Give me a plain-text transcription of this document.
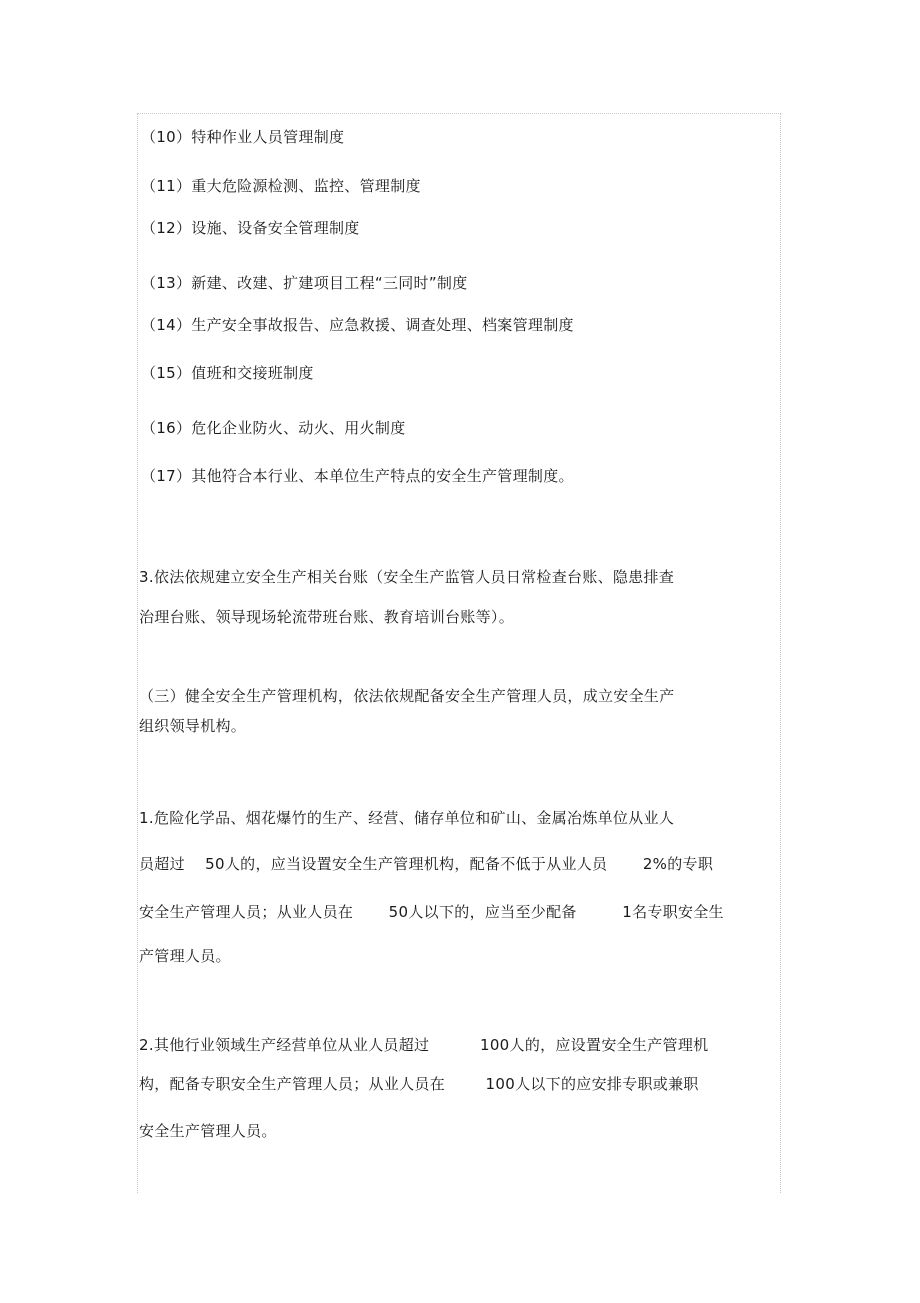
（10）特种作业人员管理制度
（11）重大危险源检测、监控、管理制度
（12）设施、设备安全管理制度
（13）新建、改建、扩建项目工程“三同时”制度
（14）生产安全事故报告、应急救援、调查处理、档案管理制度
（15）值班和交接班制度
（16）危化企业防火、动火、用火制度
（17）其他符合本行业、本单位生产特点的安全生产管理制度。
3.依法依规建立安全生产相关台账（安全生产监管人员日常检查台账、隐患排查
治理台账、领导现场轮流带班台账、教育培训台账等）。
（三）健全安全生产管理机构，依法依规配备安全生产管理人员，成立安全生产
组织领导机构。
1.危险化学品、烟花爆竹的生产、经营、储存单位和矿山、金属冶炼单位从业人
员超过    50人的，应当设置安全生产管理机构，配备不低于从业人员       2%的专职
安全生产管理人员；从业人员在       50人以下的，应当至少配备         1名专职安全生
产管理人员。
2.其他行业领域生产经营单位从业人员超过          100人的，应设置安全生产管理机
构，配备专职安全生产管理人员；从业人员在        100人以下的应安排专职或兼职
安全生产管理人员。
